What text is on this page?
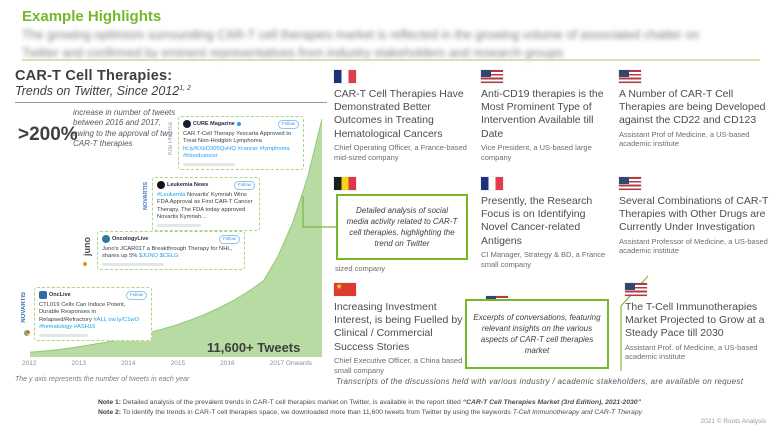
Example Highlights
The growing optimism surrounding CAR-T cell therapies market is reflected in the growing volume of associated chatter on Twitter and confirmed by eminent representatives from industry stakeholders and research groups
CAR-T Cell Therapies:
Trends on Twitter, Since $2012^{1, 2}$
>200%
increase in number of tweets between 2016 and 2017, owing to the approval of two CAR-T therapies
11,600+ Tweets
2012	2013	2014	2015	2016	2017 Onwards
The y axis represents the number of tweets in each year
Kite Pharma	CURE Magazine	Follow
CAR T-Cell Therapy Yescarta Approved to Treat Non-Hodgkin Lymphoma ht.ly/KXkD305QvHQ #cancer #lymphoma #bloodcancer
NOVARTIS	Leukemia News	Follow
#Leukemia Novartis' Kymriah Wins FDA Approval as First CAR-T Cancer Therapy. The FDA today approved Novartis Kymriah…
juno	OncologyLive	Follow
Juno's JCAR017 a Breakthrough Therapy for NHL, shares up 5% $JUNO $CELG
NOVARTIS	OncLive	Follow
CTL019 Cells Can Induce Potent, Durable Responses in Relapsed/Refractory #ALL ow.ly/C1wO #hematology #ASH15
CAR-T Cell Therapies Have Demonstrated Better Outcomes in Treating Hematological Cancers
Chief Operating Officer, a France-based mid-sized company
Anti-CD19 therapies is the Most Prominent Type of Intervention Available till Date
Vice President, a US-based large company
A Number of CAR-T Cell Therapies are being Developed against the CD22 and CD123
Assistant Prof of Medicine, a US-based academic institute
Detailed analysis of social media activity related to CAR-T cell therapies, highlighting the trend on Twitter
sized company
Presently, the Research Focus is on Identifying Novel Cancer-related Antigens
CI Manager, Strategy & BD, a France small company
Several Combinations of CAR-T Therapies with Other Drugs are Currently Under Investigation
Assistant Professor of Medicine, a US-based academic institute
★
Increasing Investment Interest, is being Fuelled by Clinical / Commercial Success Stories
Chief Executive Officer, a China based small company
Excerpts of conversations, featuring relevant insights on the various aspects of CAR-T cell therapies market
The T-Cell Immunotherapies Market Projected to Grow at a Steady Pace till 2030
Assistant Prof. of Medicine, a US-based academic institute
Transcripts of the discussions held with various industry / academic stakeholders, are available on request
Note 1: Detailed analysis of the prevalent trends in CAR-T cell therapies market on Twitter, is available in the report titled “CAR-T Cell Therapies Market (3rd Edition), 2021-2030”
Note 2: To identify the trends in CAR-T cell therapies space, we downloaded more than 11,600 tweets from Twitter by using the keywords T-Cell Immunotherapy and CAR-T Therapy
2021 © Roots Analysis
